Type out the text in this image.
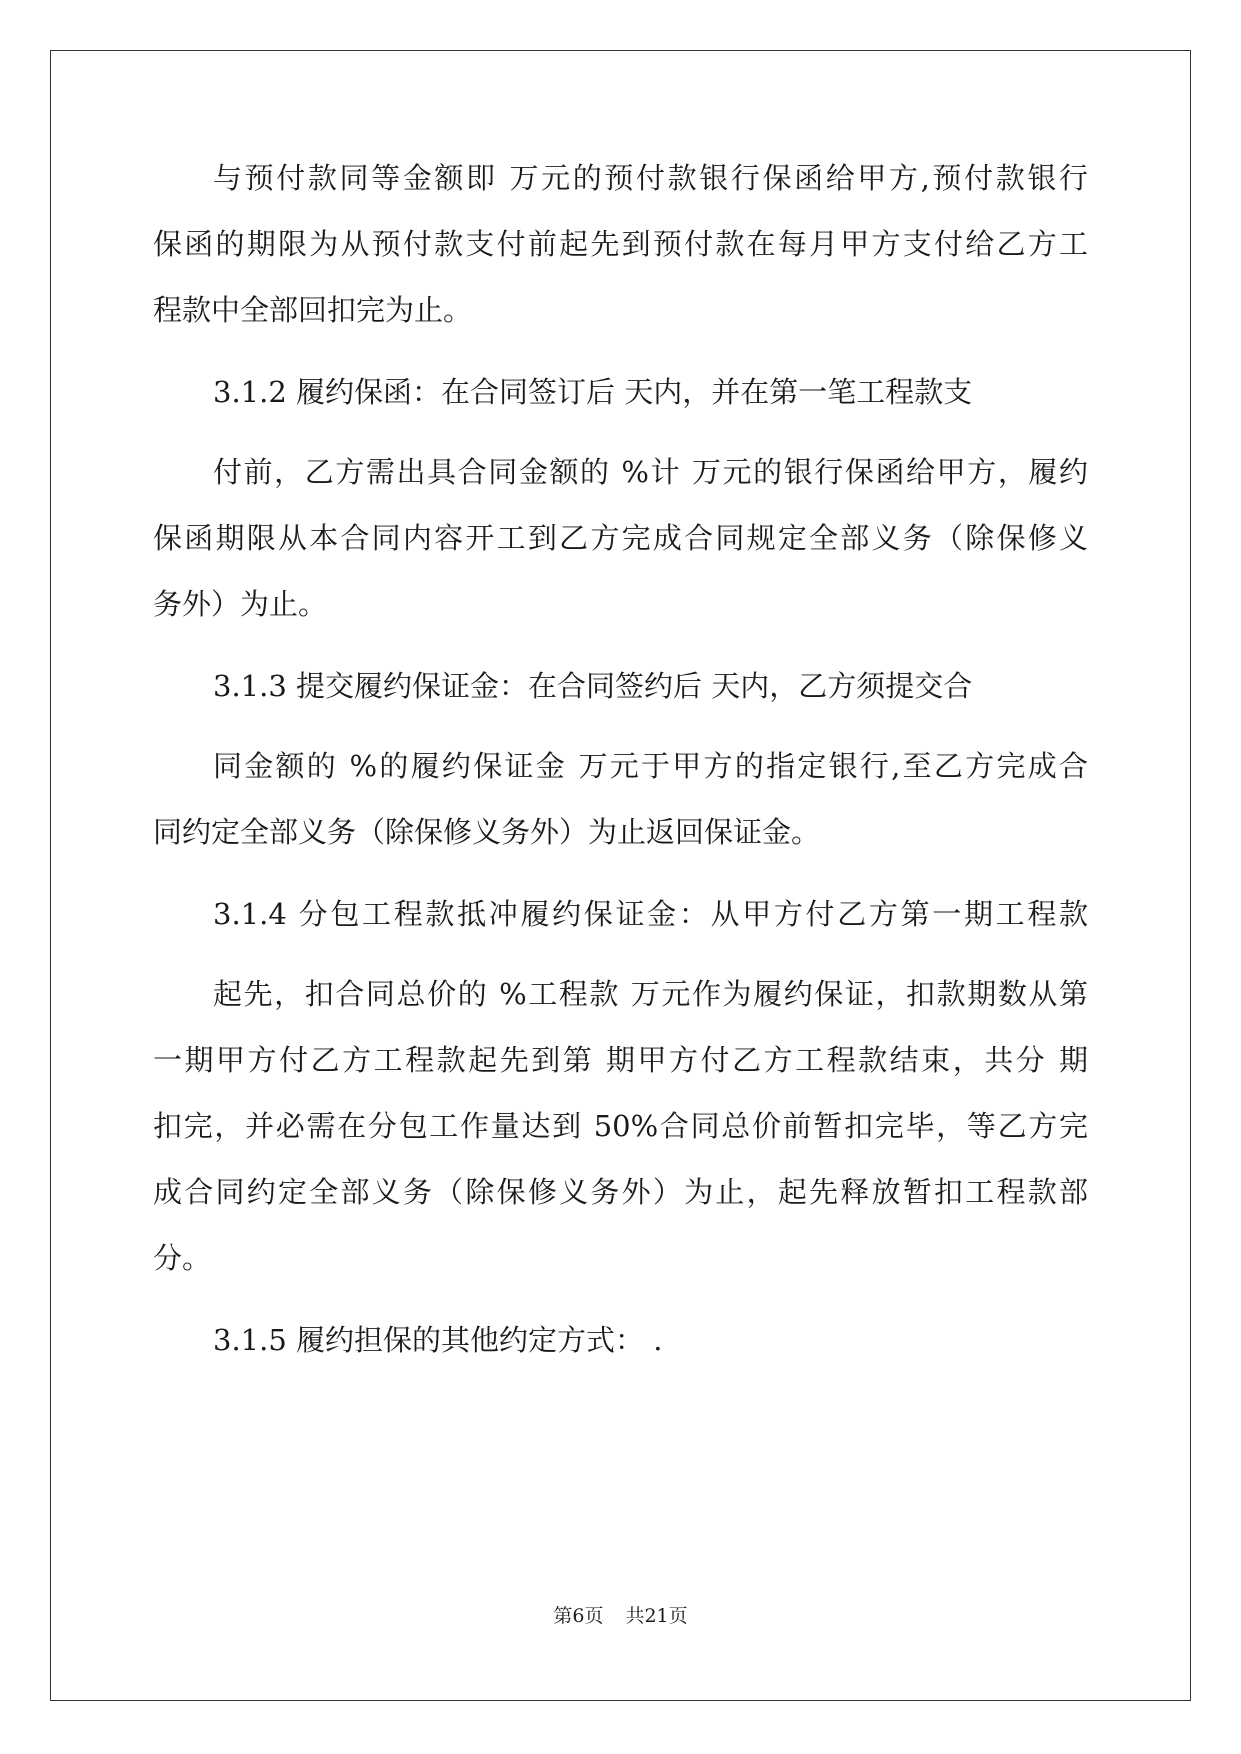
与预付款同等金额即 万元的预付款银行保函给甲方,预付款银行
保函的期限为从预付款支付前起先到预付款在每月甲方支付给乙方工
程款中全部回扣完为止。
3.1.2 履约保函：在合同签订后 天内，并在第一笔工程款支
付前，乙方需出具合同金额的 %计 万元的银行保函给甲方，履约
保函期限从本合同内容开工到乙方完成合同规定全部义务（除保修义
务外）为止。
3.1.3 提交履约保证金：在合同签约后 天内，乙方须提交合
同金额的 %的履约保证金 万元于甲方的指定银行,至乙方完成合
同约定全部义务（除保修义务外）为止返回保证金。
3.1.4 分包工程款抵冲履约保证金：从甲方付乙方第一期工程款
起先，扣合同总价的 %工程款 万元作为履约保证，扣款期数从第
一期甲方付乙方工程款起先到第 期甲方付乙方工程款结束，共分 期
扣完，并必需在分包工作量达到 50%合同总价前暂扣完毕，等乙方完
成合同约定全部义务（除保修义务外）为止，起先释放暂扣工程款部
分。
3.1.5 履约担保的其他约定方式： .
第6页 共21页
